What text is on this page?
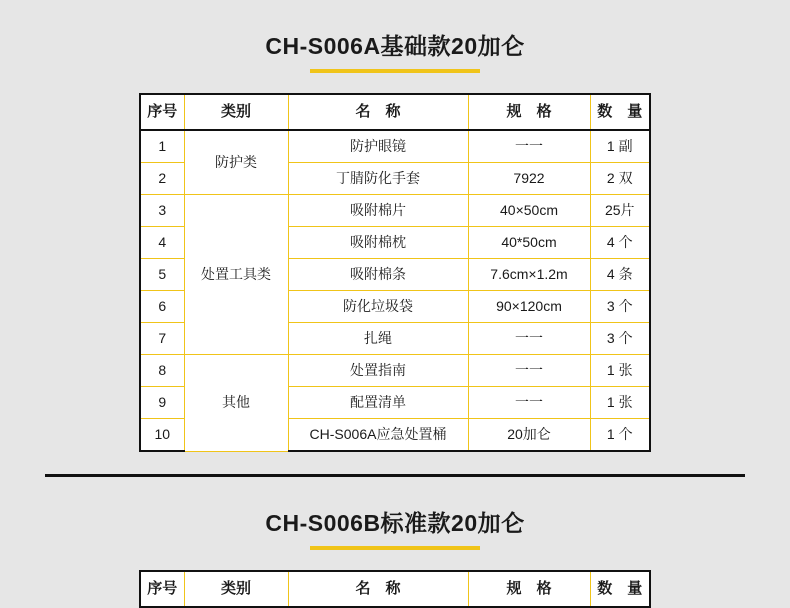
CH-S006A基础款20加仑
序号	类别	名　称	规　格	数　量
1	防护类	防护眼镜	一一	1 副
2		丁腈防化手套	7922	2 双
3	处置工具类	吸附棉片	40×50cm	25片
4		吸附棉枕	40*50cm	4 个
5		吸附棉条	7.6cm×1.2m	4 条
6		防化垃圾袋	90×120cm	3 个
7		扎绳	一一	3 个
8	其他	处置指南	一一	1 张
9		配置清单	一一	1 张
10		CH-S006A应急处置桶	20加仑	1 个
CH-S006B标准款20加仑
序号	类别	名　称	规　格	数　量
